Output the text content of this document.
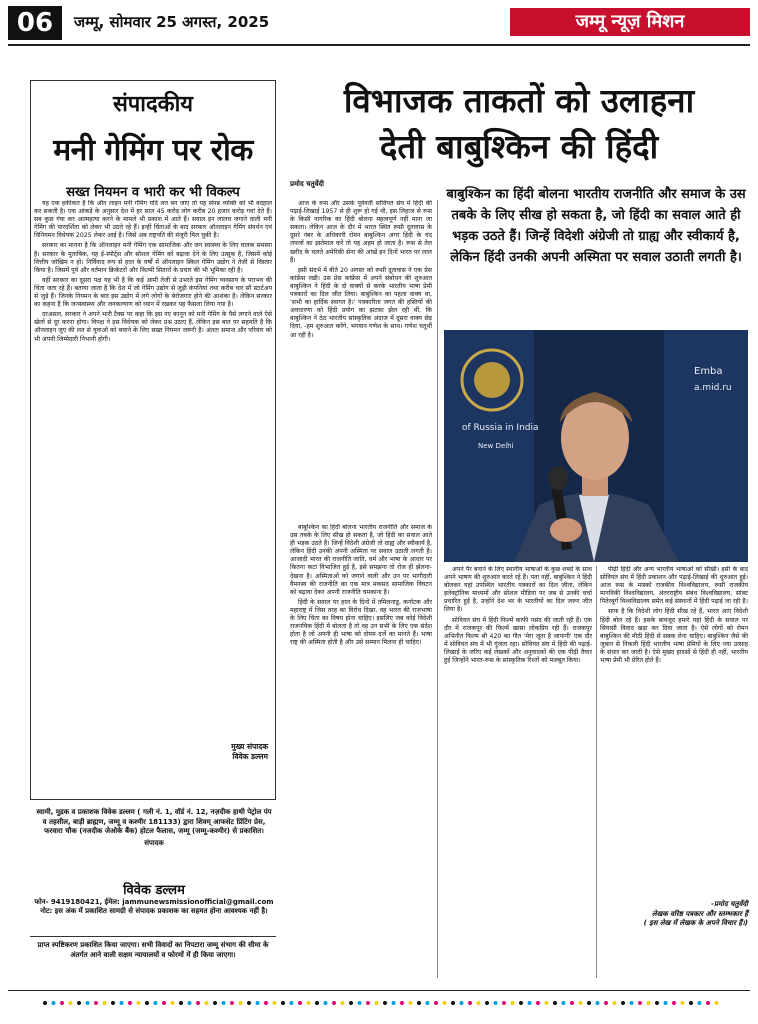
06	जम्मू, सोमवार 25 अगस्त, 2025	जम्मू न्यूज़ मिशन
संपादकीय
मनी गेमिंग पर रोक
सख्त नियमन व भारी कर भी विकल्प

यह एक हकीकत है कि ऑन लाइन मनी गेमिंग यदि लत बन जाए तो यह संपन्न व्यक्ति को भी बदहाल कर सकती है। एक आंकड़े के अनुसार देश में हर साल 45 करोड़ लोग करीब 20 हजार करोड़ गवां देते हैं। सब कुछ गंवा कर आत्महत्या करने के मामले भी प्रकाश में आते हैं। सवाल इन लालच जगाने वाली मनी गेमिंग की पारदर्शिता को लेकर भी उठते रहे हैं। इन्हीं चिंताओं के बाद सरकार ऑनलाइन गेमिंग संवर्धन एवं विनियमन विधेयक 2025 लेकर आई है। जिसे अब राष्ट्रपति की मंजूरी मिल चुकी है।

सरकार का मानना है कि ऑनलाइन मनी गेमिंग एक सामाजिक और जन स्वास्थ्य के लिए घातक समस्या है। सरकार के मुताबिक, यह ई-स्पोर्ट्स और सोशल गेमिंग को बढ़ावा देने के लिए उत्सुक है, जिसमें कोई वित्तीय जोखिम न हो। निर्विवाद रूप से हाल के वर्षों में ऑनलाइन स्किल गेमिंग उद्योग ने तेजी से विस्तार किया है। जिसमें पूर्व और वर्तमान क्रिकेटरों और फिल्मी सितारों के प्रचार की भी भूमिका रही है।

वहीं सरकार का दूसरा पक्ष यह भी है कि कई आमी तेजी से उभरते इस गेमिंग व्यवसाय के पराभव की चिंता जता रहे हैं। बताया जाता है कि देश में जो गेमिंग उद्योग से जुड़ी कंपनियां तथा करीब चार सौ स्टार्टअप से जुड़े हैं। जिनके नियमन के बाद इस उद्योग में लगे लोगों के बेरोजगार होने की आशंका है। लेकिन सरकार का कहना है कि जनस्वास्थ्य और जनकल्याण को ध्यान में रखकर यह फैसला लिया गया है।

दरअसल, सरकार ने अपने भारी टैक्स पर कहा कि इस नए कानून को मनी गेमिंग के पैसे लगाने वाले ऐसे खेलों से दूर करना होगा। विपक्ष ने इस विधेयक को लेकर प्रश्न उठाए हैं, लेकिन इस बात पर सहमति है कि ऑनलाइन जुए की लत से युवाओं को बचाने के लिए सख्त नियमन जरूरी है। अंततः समाज और परिवार को भी अपनी जिम्मेदारी निभानी होगी।

मुख्य संपादक
विवेक डल्लम
स्वामी, मुद्रक व प्रकाशक विवेक डल्लम ( गली नं. 1, वॉर्ड नं. 12, नज़दीक हाथी पेट्रोल पंप व तहसील, बाड़ी ब्राह्मण, जम्मू व कश्मीर 181133) द्वारा शिवम् आफसेट प्रिंटिंग प्रेस, फरवारा चौक (नजदीक जेओके बैंक) होटल फैलास, जम्मू (जम्मू-कश्मीर) से प्रकाशित।
संपादक
विवेक डल्लम
फोन- 9419180421, ईमेल: jammunewsmissionofficial@gmail.com नोट: इस अंक में प्रकाशित सामग्री से संपादक प्रकाशक का सहमत होना आवश्यक नहीं है।
प्राप्त स्पष्टिकरण प्रकाशित किया जाएगा। सभी विवादों का निपटारा जम्मू संभाग की सीमा के अंतर्गत आने वाली सक्षम न्यायालयों व फोरमों में ही किया जाएगा।
विभाजक ताकतों को उलाहना
देती बाबुश्किन की हिंदी
प्रमोद चतुर्वेदी

आज के रूस और उसके पूर्ववर्ती सोवियत संघ में हिंदी की पढ़ाई-लिखाई 1957 से ही शुरू हो गई थी, इस लिहाज से रूस के किसी नागरिक का हिंदी बोलना महत्वपूर्ण नहीं माना जा सकता। लेकिन आज के दौर में भारत स्थित रूसी दूतावास के दूसरे नंबर के अधिकारी रोमन बाबुश्किन अगर हिंदी के चंद लफ्जों का इस्तेमाल करें तो यह अहम हो जाता है। रूस से तेल खरीद के चलते अमेरिकी सेना की आंखें इन दिनों भारत पर लाल हैं।

इसी संदर्भ में बीते 20 अगस्त को रूसी दूतावास ने एक प्रेस कांफ्रेंस रखी। उस प्रेस कांफ्रेंस में अपने संबोधन की शुरुआत बाबुश्किन ने हिंदी के दो वाक्यों से करके भारतीय भाषा प्रेमी पत्रकारों का दिल जीत लिया। बाबुश्किन का पहला वाक्य था, 'सभी का हार्दिक स्वागत है।' पत्रकारिता जगत की हस्तियों की अवधारणा को हिंदी प्रयोग का झटका झेल रही थीं, कि बाबुश्किन ने ठेठ भारतीय सांस्कृतिक अंदाज में दूसरा वाक्य छेड़ दिया, -हम शुरुआत करेंगे, भगवान गणेश के साथ। गणेश चतुर्थी आ रही है।

बाबुश्किन का हिंदी बोलना भारतीय राजनीति और समाज के उस तबके के लिए सीख हो सकता है, जो हिंदी का सवाल आते ही भड़क उठते हैं। जिन्हें विदेशी अंग्रेजी तो ग्राह्य और स्वीकार्य है, लेकिन हिंदी उनकी अपनी अस्मिता पर सवाल उठाती लगती है।
of Russia in India
New Delhi
Emba
a.mid.ru

बाबुश्किन का हिंदी बोलना भारतीय राजनीति और समाज के उस तबके के लिए सीख हो सकता है, जो हिंदी का सवाल आते ही भड़क उठते हैं। जिन्हें विदेशी अंग्रेजी तो ग्राह्य और स्वीकार्य है, लेकिन हिंदी उनकी अपनी अस्मिता पर सवाल उठाती लगती है। आजादी भारत की राजनीति जाति, धर्म और भाषा के आधार पर कितना कटा विभाजित हुई है, इसे समझना तो रोज ही झेलना-देखना है। अस्मिताओं को जगाने वाली और उन पर भागीदारी वैमनस्य की राजनीति का एक मात्र मकसद सामाजिक विघटन को बढ़ावा देकर अपनी राजनीति चमकाना है।

हिंदी के सवाल पर हाल के दिनों में तमिलनाडु, कर्नाटक और महाराष्ट्र में जिस तरह का विरोध दिखा, वह भारत की राजभाषा के लिए चिंता का विषय होना चाहिए। इसलिए जब कोई विदेशी राजनयिक हिंदी में बोलता है तो वह उन सभी के लिए एक संदेश होता है जो अपनी ही भाषा को दोयम दर्जे का मानते हैं। भाषा राष्ट्र की अस्मिता होती है और उसे सम्मान मिलना ही चाहिए।

अपने पैर बनाने के लिए स्थानीय भाषाओं के कुछ शब्दों के साथ अपने भाषण की शुरुआत करते रहे हैं। पता नहीं, बाबुश्किन ने हिंदी बोलकर यहां उपस्थित भारतीय पत्रकारों का दिल जीता, लेकिन इलेक्ट्रॉनिक माध्यमों और सोशल मीडिया पर जब से उनकी चर्चा प्रचारित हुई है, उन्होंने देश भर के भारतीयों का दिल जरूर जीत लिया है।

सोवियत संघ में हिंदी फिल्में काफी पसंद की जाती रही हैं। एक दौर में राजकपूर की फिल्में खासा लोकप्रिय रही हैं। राजकपूर अभिनीत फिल्म श्री 420 का गीत 'मेरा जूता है जापानी' एक दौर में सोवियत संघ में भी गूंजता रहा। सोवियत संघ में हिंदी की पढ़ाई-लिखाई के जरिए कई लेखकों और अनुवादकों की एक पीढ़ी तैयार हुई जिन्होंने भारत-रूस के सांस्कृतिक रिश्तों को मजबूत किया।

पीढ़ी हिंदी और अन्य भारतीय भाषाओं को सीखी। इसी के बाद सोवियत संघ में हिंदी प्रकाशन और पढ़ाई-लिखाई की शुरुआत हुई। आज रूस के मास्को राजकीय विश्वविद्यालय, रूसी राजकीय मानविकी विश्वविद्यालय, अंतरराष्ट्रीय संबंध विश्वविद्यालय, सांक्ट पितेरबुर्ग विश्वविद्यालय समेत कई संस्थानों में हिंदी पढ़ाई जा रही है।

साफ है कि विदेशी लोग हिंदी सीख रहे हैं, भारत आए विदेशी हिंदी बोल रहे हैं। इसके बावजूद हमारे यहां हिंदी के सवाल पर सियासी विवाद खड़ा कर दिया जाता है। ऐसे लोगों को रोमन बाबुश्किन की मीठी हिंदी से सबक लेना चाहिए। बाबुश्किन जैसे की जुबान से निकली हिंदी भारतीय भाषा प्रेमियों के लिए नया उत्साह के संचार कर जाती है। ऐसे मुखद हादसों से हिंदी ही नहीं, भारतीय भाषा प्रेमी भी प्रेरित होते हैं।

-प्रमोद चतुर्वेदी
लेखक वरिष्ठ पत्रकार और स्तम्भकार हैं
( इस लेख में लेखक के अपने विचार हैं।)
